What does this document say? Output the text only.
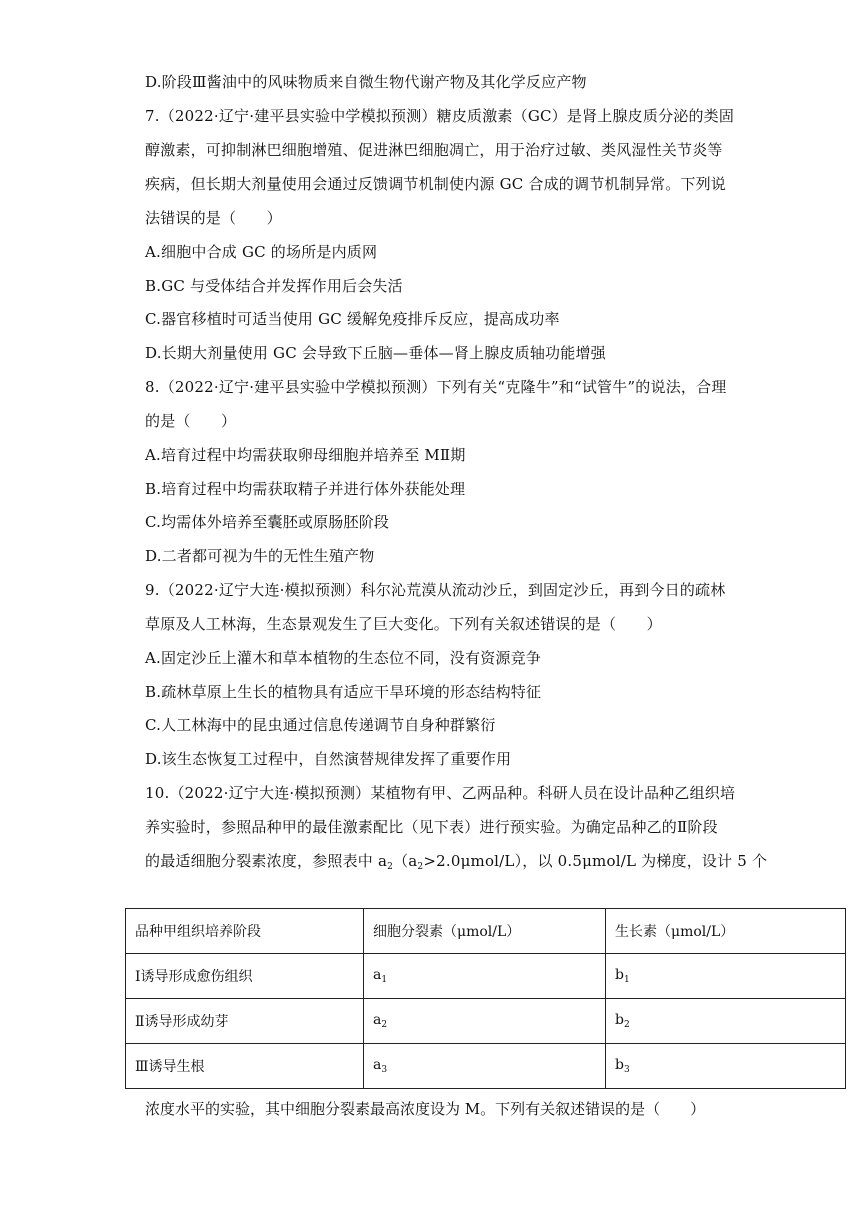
D.阶段Ⅲ酱油中的风味物质来自微生物代谢产物及其化学反应产物
7.（2022·辽宁·建平县实验中学模拟预测）糖皮质激素（GC）是肾上腺皮质分泌的类固
醇激素，可抑制淋巴细胞增殖、促进淋巴细胞凋亡，用于治疗过敏、类风湿性关节炎等
疾病，但长期大剂量使用会通过反馈调节机制使内源 GC 合成的调节机制异常。下列说
法错误的是（　　）
A.细胞中合成 GC 的场所是内质网
B.GC 与受体结合并发挥作用后会失活
C.器官移植时可适当使用 GC 缓解免疫排斥反应，提高成功率
D.长期大剂量使用 GC 会导致下丘脑—垂体—肾上腺皮质轴功能增强
8.（2022·辽宁·建平县实验中学模拟预测）下列有关“克隆牛”和“试管牛”的说法，合理
的是（　　）
A.培育过程中均需获取卵母细胞并培养至 MⅡ期
B.培育过程中均需获取精子并进行体外获能处理
C.均需体外培养至囊胚或原肠胚阶段
D.二者都可视为牛的无性生殖产物
9.（2022·辽宁大连·模拟预测）科尔沁荒漠从流动沙丘，到固定沙丘，再到今日的疏林
草原及人工林海，生态景观发生了巨大变化。下列有关叙述错误的是（　　）
A.固定沙丘上灌木和草本植物的生态位不同，没有资源竞争
B.疏林草原上生长的植物具有适应干旱环境的形态结构特征
C.人工林海中的昆虫通过信息传递调节自身种群繁衍
D.该生态恢复工过程中，自然演替规律发挥了重要作用
10.（2022·辽宁大连·模拟预测）某植物有甲、乙两品种。科研人员在设计品种乙组织培
养实验时，参照品种甲的最佳激素配比（见下表）进行预实验。为确定品种乙的Ⅱ阶段
的最适细胞分裂素浓度，参照表中 $a_2(a_2>2.0\mu mol/L)$，以 0.5μmol/L 为梯度，设计 5 个
品种甲组织培养阶段	细胞分裂素（μmol/L）	生长素（μmol/L）
Ⅰ诱导形成愈伤组织	$a_1$	$b_1$
Ⅱ诱导形成幼芽	$a_2$	$b_2$
Ⅲ诱导生根	$a_3$	$b_3$
浓度水平的实验，其中细胞分裂素最高浓度设为 M。下列有关叙述错误的是（　　）
